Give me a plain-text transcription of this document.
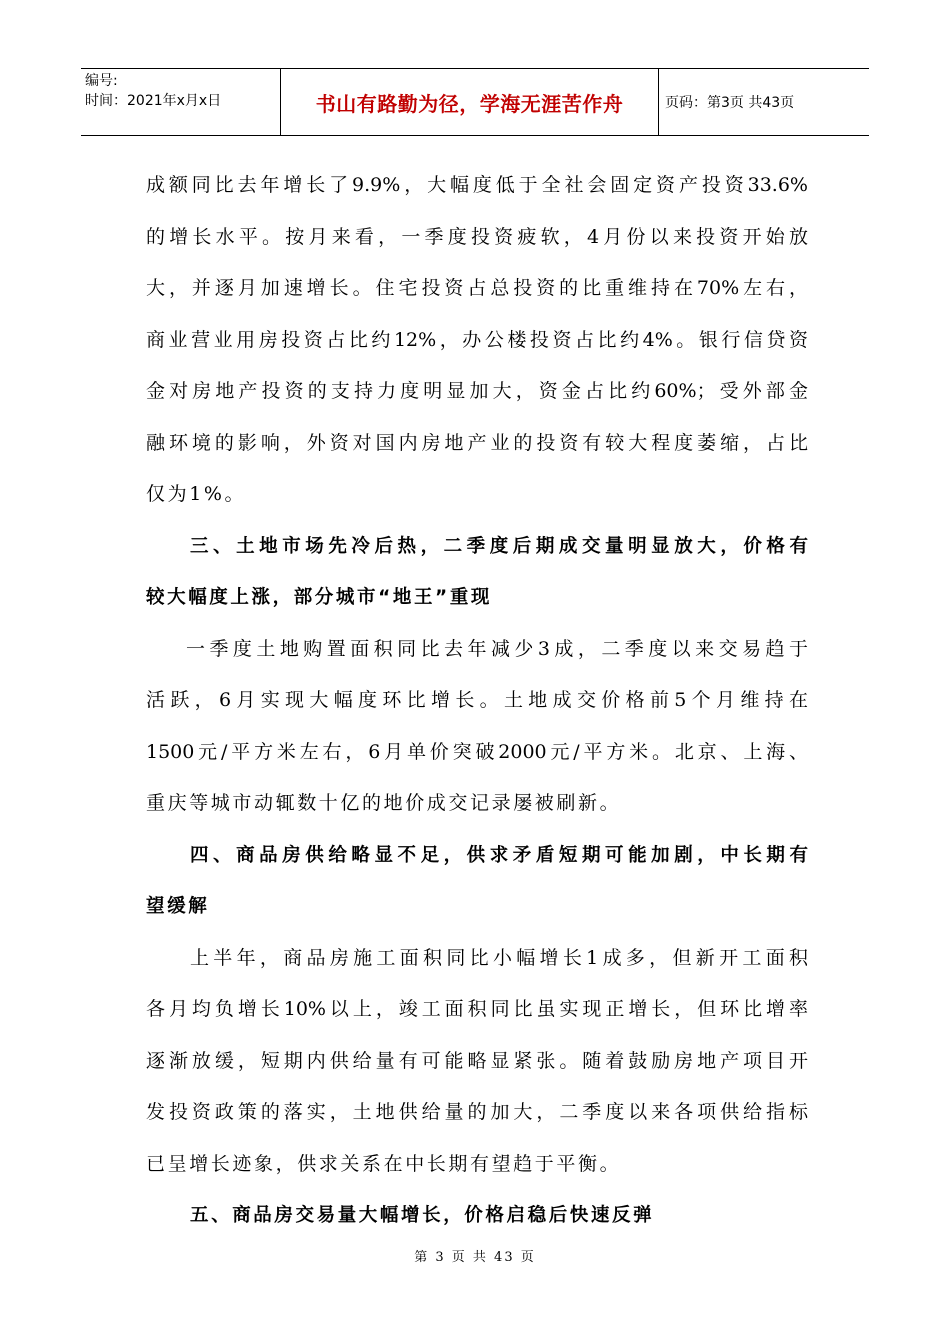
编号:
时间：2021年x月x日	书山有路勤为径，学海无涯苦作舟	页码：第3页 共43页
成额同比去年增长了9.9%，大幅度低于全社会固定资产投资33.6%
的增长水平。按月来看，一季度投资疲软，4月份以来投资开始放
大，并逐月加速增长。住宅投资占总投资的比重维持在70%左右，
商业营业用房投资占比约12%，办公楼投资占比约4%。银行信贷资
金对房地产投资的支持力度明显加大，资金占比约60%；受外部金
融环境的影响，外资对国内房地产业的投资有较大程度萎缩，占比
仅为1%。
三、土地市场先冷后热，二季度后期成交量明显放大，价格有
较大幅度上涨，部分城市“地王”重现
一季度土地购置面积同比去年减少3成，二季度以来交易趋于
活跃，6月实现大幅度环比增长。土地成交价格前5个月维持在
1500元/平方米左右，6月单价突破2000元/平方米。北京、上海、
重庆等城市动辄数十亿的地价成交记录屡被刷新。
四、商品房供给略显不足，供求矛盾短期可能加剧，中长期有
望缓解
上半年，商品房施工面积同比小幅增长1成多，但新开工面积
各月均负增长10%以上，竣工面积同比虽实现正增长，但环比增率
逐渐放缓，短期内供给量有可能略显紧张。随着鼓励房地产项目开
发投资政策的落实，土地供给量的加大，二季度以来各项供给指标
已呈增长迹象，供求关系在中长期有望趋于平衡。
五、商品房交易量大幅增长，价格启稳后快速反弹
第 3 页 共 43 页
